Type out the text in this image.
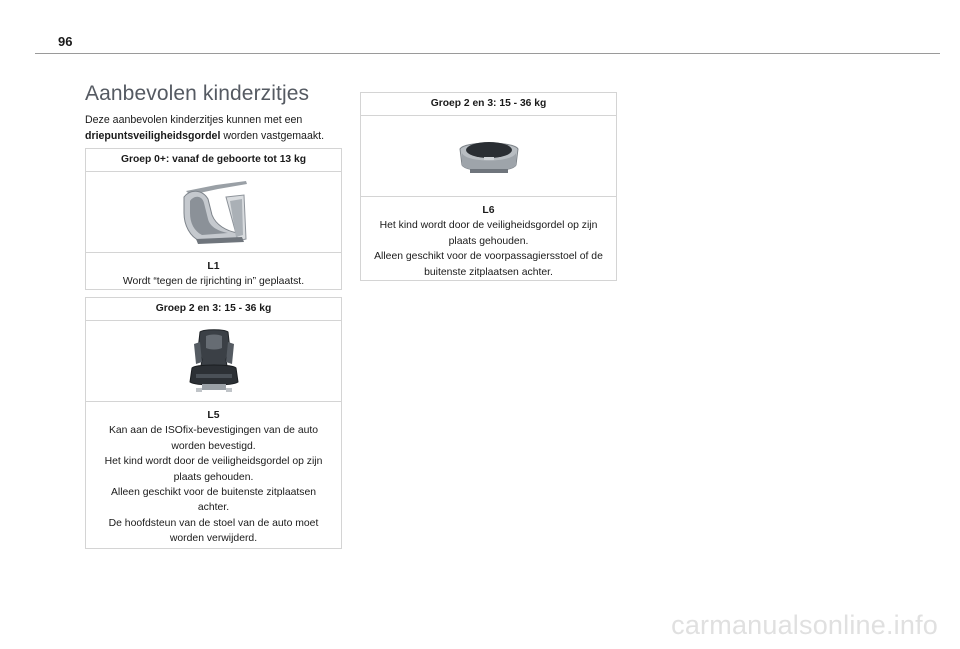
96
Aanbevolen kinderzitjes
Deze aanbevolen kinderzitjes kunnen met een driepuntsveiligheidsgordel worden vastgemaakt.
Groep 0+: vanaf de geboorte tot 13 kg
L1
Wordt “tegen de rijrichting in” geplaatst.
Groep 2 en 3: 15 - 36 kg
L5
Kan aan de ISOfix-bevestigingen van de auto worden bevestigd.
Het kind wordt door de veiligheidsgordel op zijn plaats gehouden.
Alleen geschikt voor de buitenste zitplaatsen achter.
De hoofdsteun van de stoel van de auto moet worden verwijderd.
Groep 2 en 3: 15 - 36 kg
L6
Het kind wordt door de veiligheidsgordel op zijn plaats gehouden.
Alleen geschikt voor de voorpassagiersstoel of de buitenste zitplaatsen achter.
carmanualsonline.info
